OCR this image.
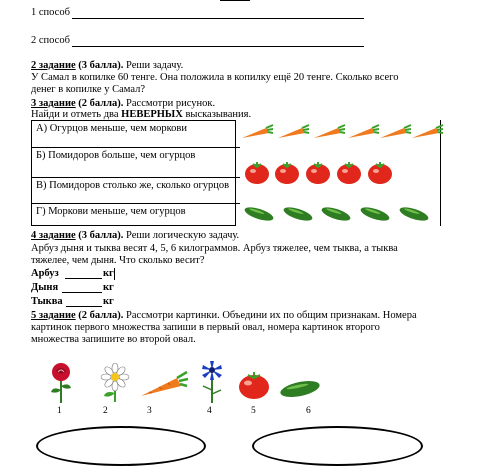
1 способ
2 способ
2 задание (3 балла). Реши задачу.
У Самал в копилке 60 тенге. Она положила в копилку ещё 20 тенге. Сколько всего
денег в копилке у Самал?
3 задание (2 балла). Рассмотри рисунок.
Найди и отметь два НЕВЕРНЫХ высказывания.
А) Огурцов меньше, чем моркови
Б) Помидоров больше, чем огурцов
В) Помидоров столько же, сколько огурцов
Г) Моркови меньше, чем огурцов
4 задание (3 балла). Реши логическую задачу.
Арбуз дыня и тыква весят 4, 5, 6 килограммов. Арбуз тяжелее, чем тыква, а тыква
тяжелее, чем дыня. Что сколько весит?
Арбуз	кг
Дыня	кг
Тыква	кг
5 задание (2 балла). Рассмотри картинки. Объедини их по общим признакам. Номера
картинок первого множества запиши в первый овал, номера картинок второго
множества запишите во второй овал.
1	2	3	4	5	6
